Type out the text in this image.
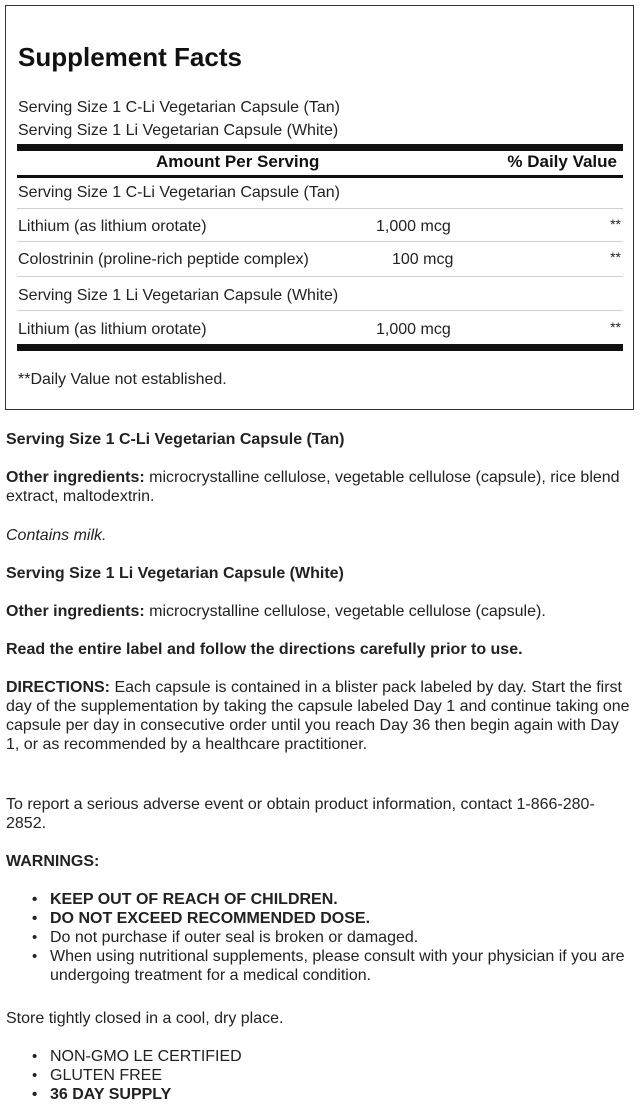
Supplement Facts
Serving Size 1 C-Li Vegetarian Capsule (Tan)
Serving Size 1 Li Vegetarian Capsule (White)
Amount Per Serving	% Daily Value
Serving Size 1 C-Li Vegetarian Capsule (Tan)
Lithium (as lithium orotate)	1,000 mcg	**
Colostrinin (proline-rich peptide complex)	100 mcg	**
Serving Size 1 Li Vegetarian Capsule (White)
Lithium (as lithium orotate)	1,000 mcg	**
**Daily Value not established.
Serving Size 1 C-Li Vegetarian Capsule (Tan)
Other ingredients: microcrystalline cellulose, vegetable cellulose (capsule), rice blend extract, maltodextrin.
Contains milk.
Serving Size 1 Li Vegetarian Capsule (White)
Other ingredients: microcrystalline cellulose, vegetable cellulose (capsule).
Read the entire label and follow the directions carefully prior to use.
DIRECTIONS: Each capsule is contained in a blister pack labeled by day. Start the first day of the supplementation by taking the capsule labeled Day 1 and continue taking one capsule per day in consecutive order until you reach Day 36 then begin again with Day 1, or as recommended by a healthcare practitioner.
To report a serious adverse event or obtain product information, contact 1-866-280-2852.
WARNINGS:
• KEEP OUT OF REACH OF CHILDREN.
• DO NOT EXCEED RECOMMENDED DOSE.
• Do not purchase if outer seal is broken or damaged.
• When using nutritional supplements, please consult with your physician if you are undergoing treatment for a medical condition.
Store tightly closed in a cool, dry place.
• NON-GMO LE CERTIFIED
• GLUTEN FREE
• 36 DAY SUPPLY
